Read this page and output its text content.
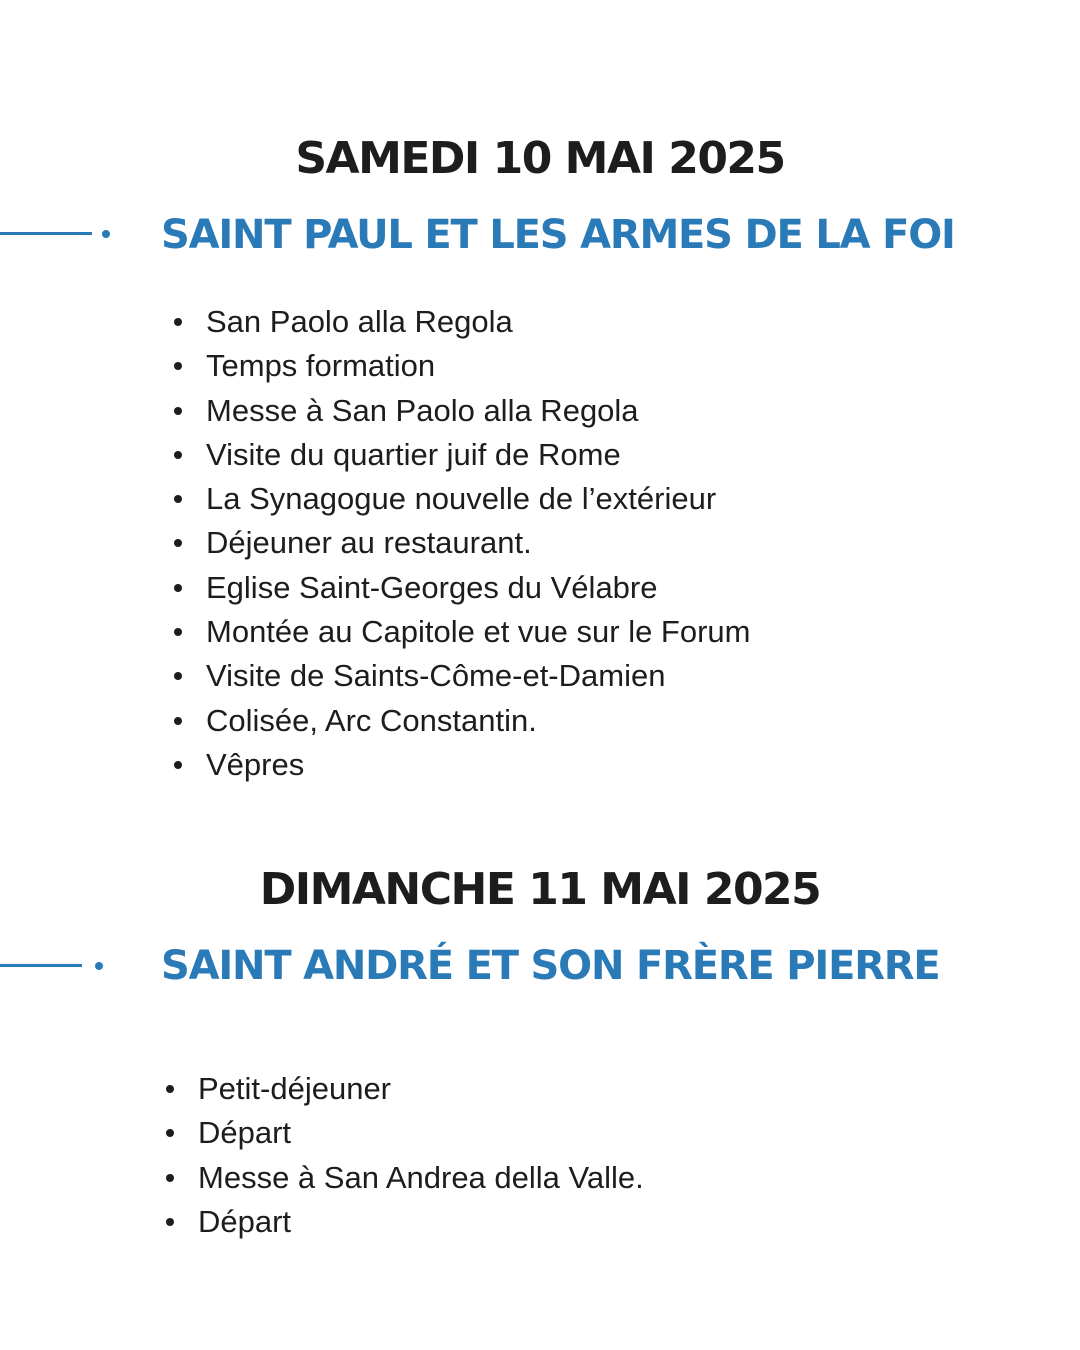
SAMEDI 10 MAI 2025
SAINT PAUL ET LES ARMES DE LA FOI
San Paolo alla Regola
Temps formation
Messe à San Paolo alla Regola
Visite du quartier juif de Rome
La Synagogue nouvelle de l’extérieur
Déjeuner au restaurant.
Eglise Saint-Georges du Vélabre
Montée au Capitole et vue sur le Forum
Visite de Saints-Côme-et-Damien
Colisée, Arc Constantin.
Vêpres
DIMANCHE 11 MAI 2025
SAINT ANDRÉ ET SON FRÈRE PIERRE
Petit-déjeuner
Départ
Messe à San Andrea della Valle.
Départ
